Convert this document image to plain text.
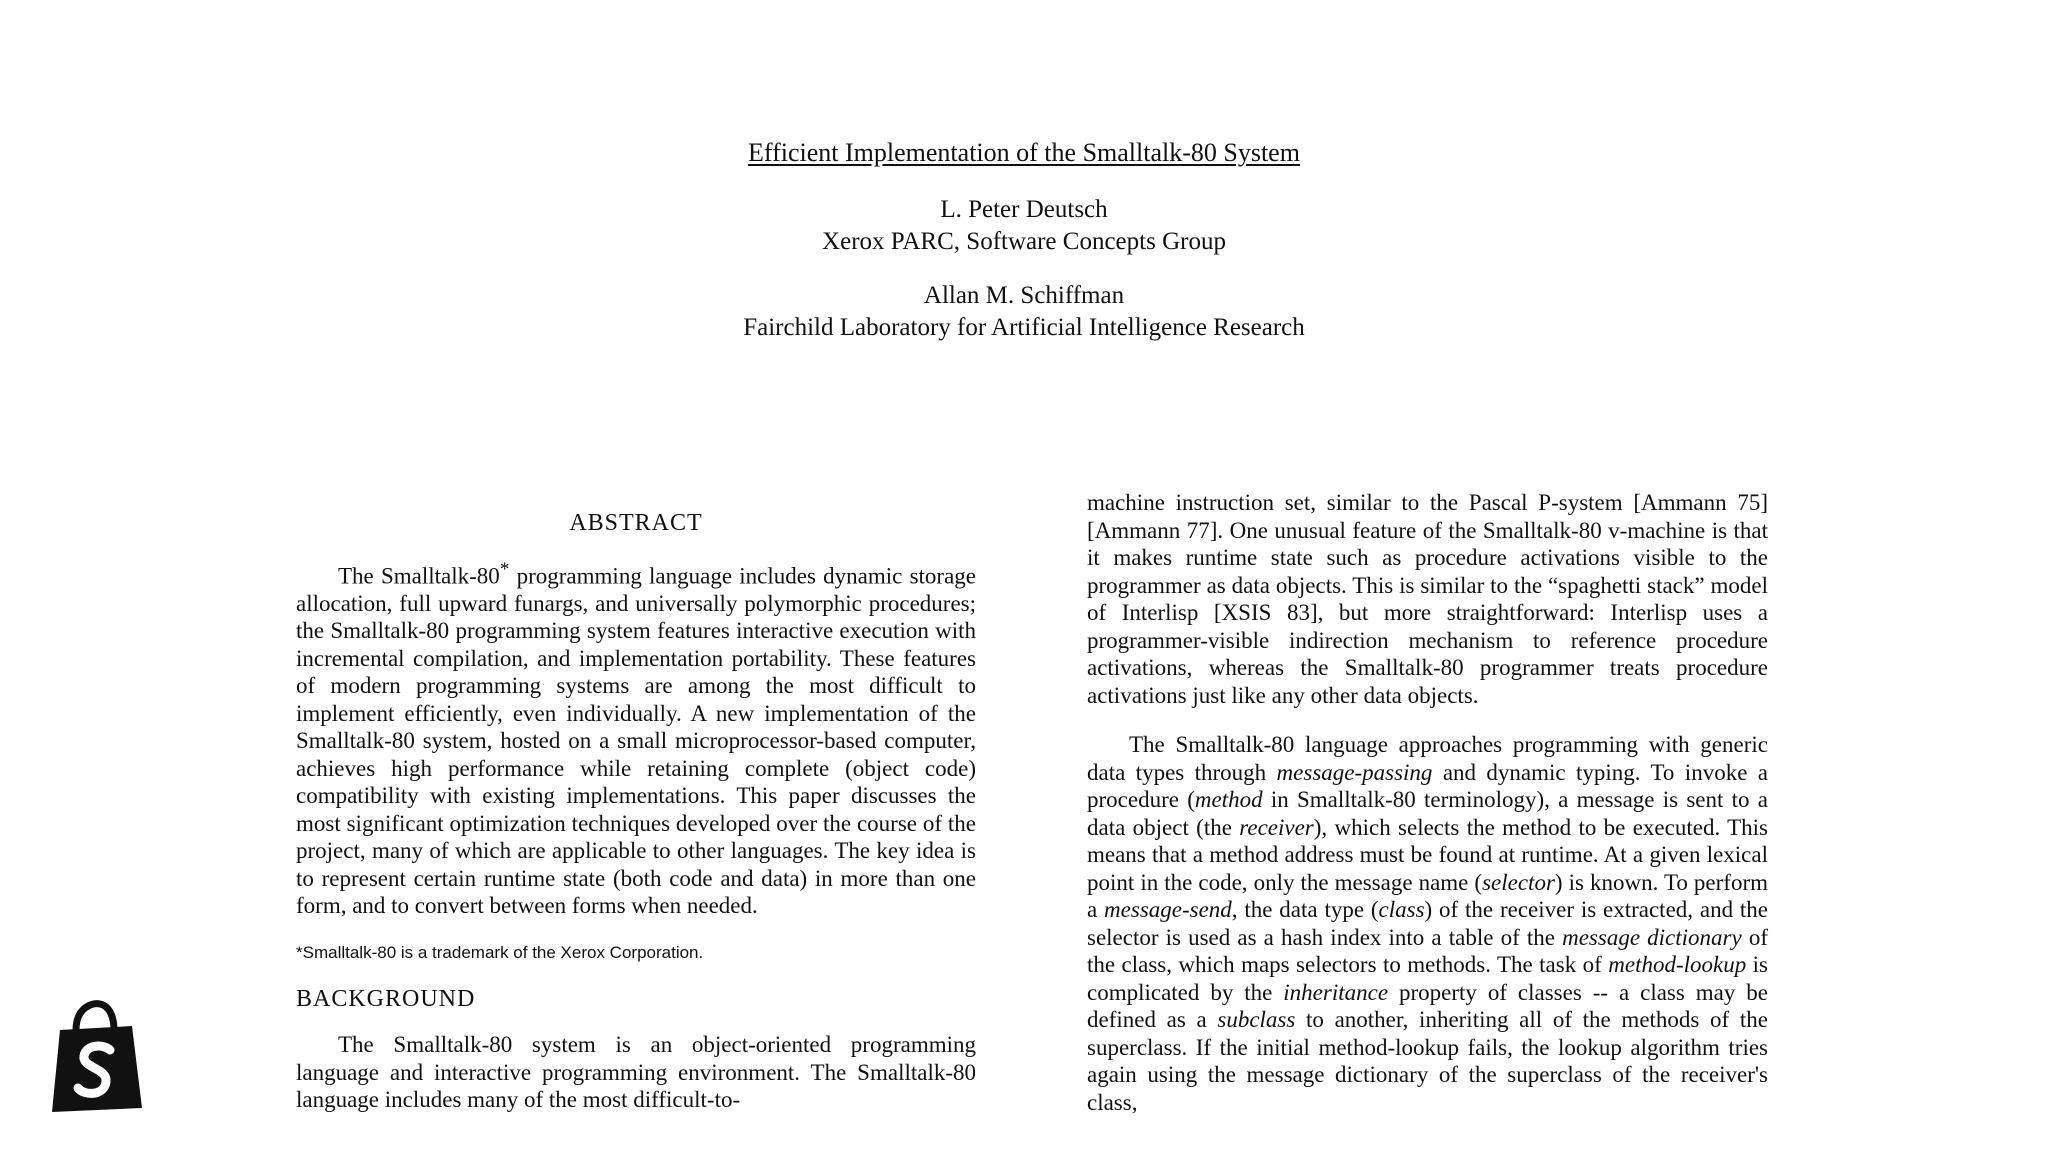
Efficient Implementation of the Smalltalk-80 System
L. Peter Deutsch
Xerox PARC, Software Concepts Group
Allan M. Schiffman
Fairchild Laboratory for Artificial Intelligence Research
ABSTRACT

The Smalltalk-80* programming language includes dynamic storage allocation, full upward funargs, and universally polymorphic procedures; the Smalltalk-80 programming system features interactive execution with incremental compilation, and implementation portability. These features of modern programming systems are among the most difficult to implement efficiently, even individually. A new implementation of the Smalltalk-80 system, hosted on a small microprocessor-based computer, achieves high performance while retaining complete (object code) compatibility with existing implementations. This paper discusses the most significant optimization techniques developed over the course of the project, many of which are applicable to other languages. The key idea is to represent certain runtime state (both code and data) in more than one form, and to convert between forms when needed.

*Smalltalk-80 is a trademark of the Xerox Corporation.
BACKGROUND

The Smalltalk-80 system is an object-oriented programming language and interactive programming environment. The Smalltalk-80 language includes many of the most difficult-to-

machine instruction set, similar to the Pascal P-system [Ammann 75] [Ammann 77]. One unusual feature of the Smalltalk-80 v-machine is that it makes runtime state such as procedure activations visible to the programmer as data objects. This is similar to the “spaghetti stack” model of Interlisp [XSIS 83], but more straightforward: Interlisp uses a programmer-visible indirection mechanism to reference procedure activations, whereas the Smalltalk-80 programmer treats procedure activations just like any other data objects.

The Smalltalk-80 language approaches programming with generic data types through message-passing and dynamic typing. To invoke a procedure (method in Smalltalk-80 terminology), a message is sent to a data object (the receiver), which selects the method to be executed. This means that a method address must be found at runtime. At a given lexical point in the code, only the message name (selector) is known. To perform a message-send, the data type (class) of the receiver is extracted, and the selector is used as a hash index into a table of the message dictionary of the class, which maps selectors to methods. The task of method-lookup is complicated by the inheritance property of classes -- a class may be defined as a subclass to another, inheriting all of the methods of the superclass. If the initial method-lookup fails, the lookup algorithm tries again using the message dictionary of the superclass of the receiver's class,
